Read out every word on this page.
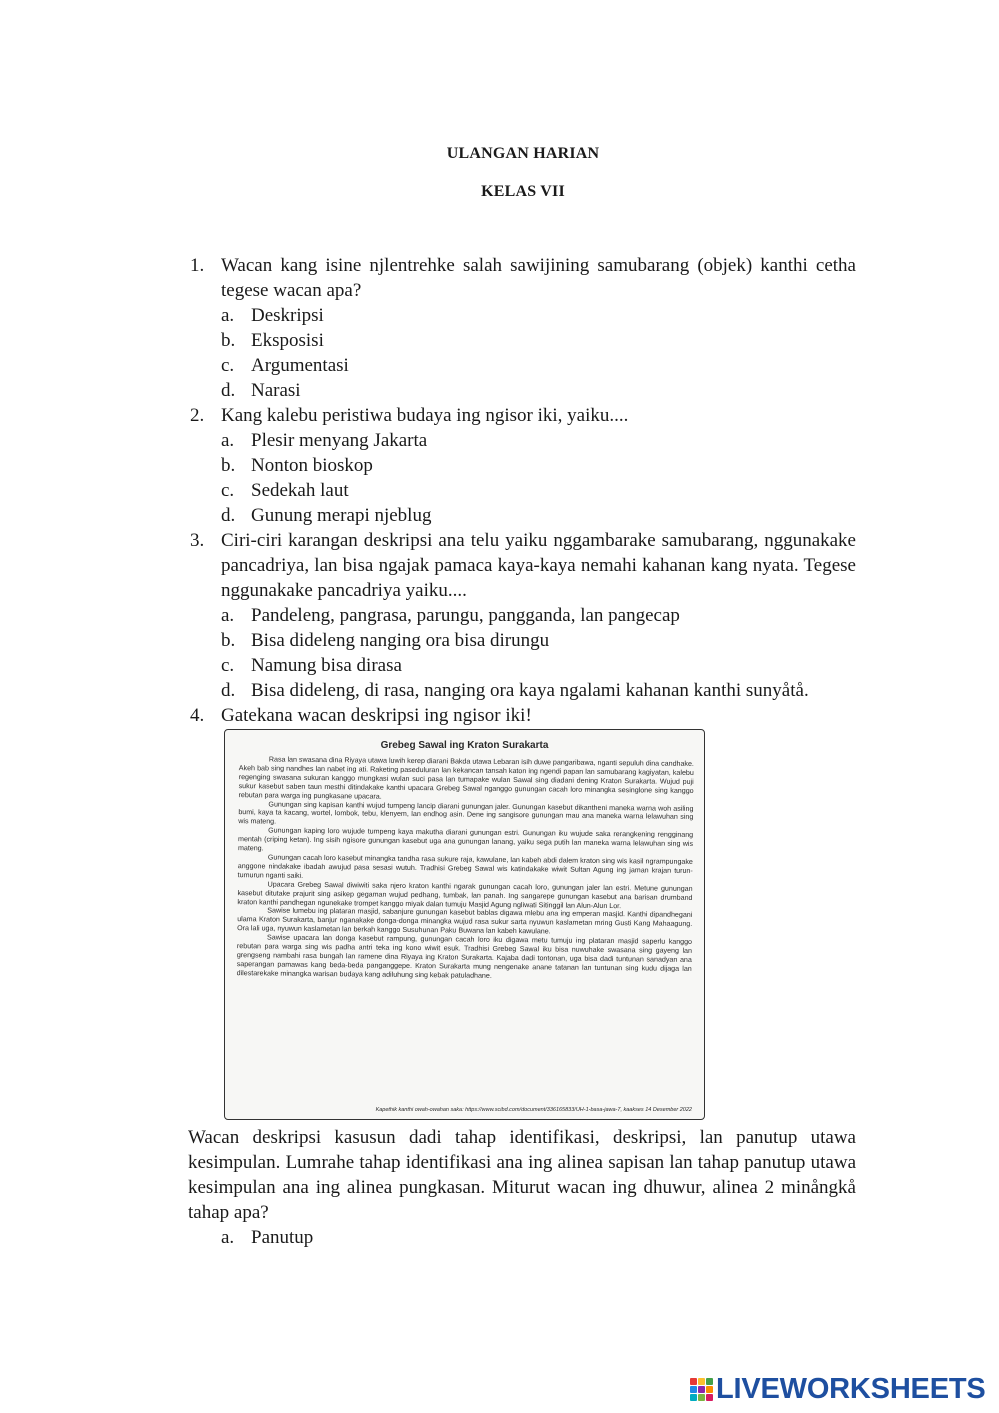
ULANGAN HARIAN
KELAS VII
1. Wacan kang isine njlentrehke salah sawijining samubarang (objek) kanthi cetha tegese wacan apa?
a. Deskripsi
b. Eksposisi
c. Argumentasi
d. Narasi
2. Kang kalebu peristiwa budaya ing ngisor iki, yaiku....
a. Plesir menyang Jakarta
b. Nonton bioskop
c. Sedekah laut
d. Gunung merapi njeblug
3. Ciri-ciri karangan deskripsi ana telu yaiku nggambarake samubarang, nggunakake pancadriya, lan bisa ngajak pamaca kaya-kaya nemahi kahanan kang nyata. Tegese nggunakake pancadriya yaiku....
a. Pandeleng, pangrasa, parungu, pangganda, lan pangecap
b. Bisa dideleng nanging ora bisa dirungu
c. Namung bisa dirasa
d. Bisa dideleng, di rasa, nanging ora kaya ngalami kahanan kanthi sunyåtå.
4. Gatekana wacan deskripsi ing ngisor iki!
Grebeg Sawal ing Kraton Surakarta

Rasa lan swasana dina Riyaya utawa luwih kerep diarani Bakda utawa Lebaran isih duwe pangaribawa, nganti sepuluh dina candhake. Akeh bab sing nandhes lan nabet ing ati. Raketing paseduluran lan kekancan tansah katon ing ngendi papan lan samubarang kagiyatan, kalebu regenging swasana sukuran kanggo mungkasi wulan suci pasa lan tumapake wulan Sawal sing diadani dening Kraton Surakarta. Wujud puji sukur kasebut saben taun mesthi ditindakake kanthi upacara Grebeg Sawal nganggo gunungan cacah loro minangka sesinglone sing kanggo rebutan para warga ing pungkasane upacara.

Gunungan sing kapisan kanthi wujud tumpeng lancip diarani gunungan jaler. Gunungan kasebut dikantheni maneka warna woh asiling bumi, kaya ta kacang, wortel, lombok, tebu, klenyem, lan endhog asin. Dene ing sangisore gunungan mau ana maneka warna lelawuhan sing wis mateng.

Gunungan kaping loro wujude tumpeng kaya makutha diarani gunungan estri. Gunungan iku wujude saka rerangkening rengginang mentah (criping ketan). Ing sisih ngisore gunungan kasebut uga ana gunungan lanang, yaiku sega putih lan maneka warna lelawuhan sing wis mateng.

Gunungan cacah loro kasebut minangka tandha rasa sukure raja, kawulane, lan kabeh abdi dalem kraton sing wis kasil ngrampungake anggone nindakake ibadah awujud pasa sesasi wutuh. Tradhisi Grebeg Sawal wis katindakake wiwit Sultan Agung ing jaman krajan turun-tumurun nganti saiki.

Upacara Grebeg Sawal diwiwiti saka njero kraton kanthi ngarak gunungan cacah loro, gunungan jaler lan estri. Metune gunungan kasebut ditutake prajurit sing asikep gegaman wujud pedhang, tumbak, lan panah. Ing sangarepe gunungan kasebut ana barisan drumband kraton kanthi pandhegan ngunekake trompet kanggo miyak dalan tumuju Masjid Agung ngliwati Sitinggil lan Alun-Alun Lor.

Sawise lumebu ing plataran masjid, sabanjure gunungan kasebut bablas digawa mlebu ana ing emperan masjid. Kanthi dipandhegani ulama Kraton Surakarta, banjur nganakake donga-donga minangka wujud rasa sukur sarta nyuwun kaslametan mring Gusti Kang Mahaagung. Ora lali uga, nyuwun kaslametan lan berkah kanggo Susuhunan Paku Buwana lan kabeh kawulane.

Sawise upacara lan donga kasebut rampung, gunungan cacah loro iku digawa metu tumuju ing plataran masjid saperlu kanggo rebutan para warga sing wis padha antri teka ing kono wiwit esuk. Tradhisi Grebeg Sawal iku bisa nuwuhake swasana sing gayeng lan grengseng nambahi rasa bungah lan ramene dina Riyaya ing Kraton Surakarta. Kajaba dadi tontonan, uga bisa dadi tuntunan sanadyan ana saperangan pamawas kang beda-beda panganggepe. Kraton Surakarta mung nengenake anane tatanan lan tuntunan sing kudu dijaga lan dilestarekake minangka warisan budaya kang adiluhung sing kebak patuladhane.

Kapethik kanthi owah-owahan saka: https://www.scibd.com/document/336165833/UH-1-basa-jawa-7, kaakses 14 Desember 2022
Wacan deskripsi kasusun dadi tahap identifikasi, deskripsi, lan panutup utawa kesimpulan. Lumrahe tahap identifikasi ana ing alinea sapisan lan tahap panutup utawa kesimpulan ana ing alinea pungkasan. Miturut wacan ing dhuwur, alinea 2 minångkå tahap apa?
a. Panutup
LIVEWORKSHEETS
